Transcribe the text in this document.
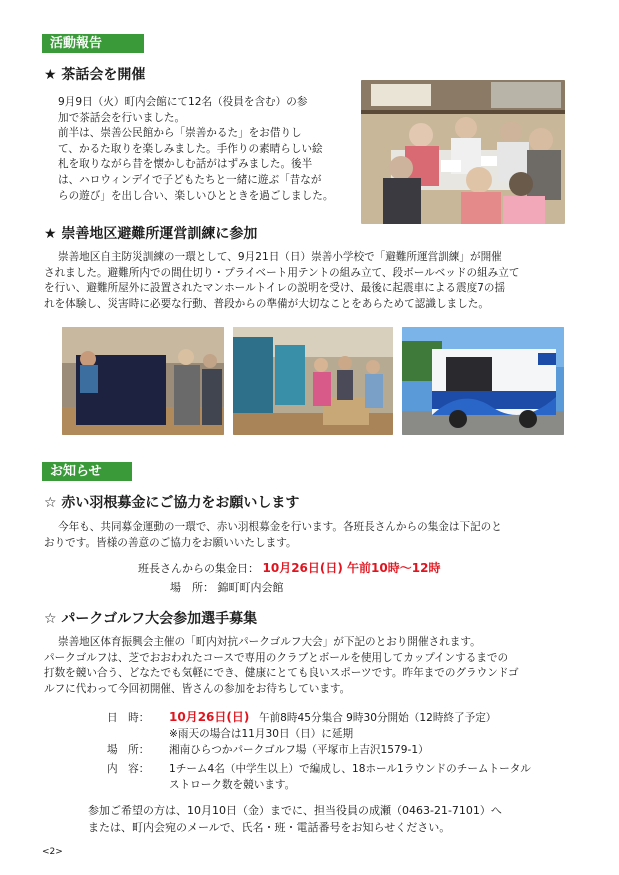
活動報告
★ 茶話会を開催
9月9日（火）町内会館にて12名（役員を含む）の参
加で茶話会を行いました。
前半は、崇善公民館から「崇善かるた」をお借りし
て、かるた取りを楽しみました。手作りの素晴らしい絵
札を取りながら昔を懐かしむ話がはずみました。後半
は、ハロウィンデイで子どもたちと一緒に遊ぶ「昔なが
らの遊び」を出し合い、楽しいひとときを過ごしました。
★ 崇善地区避難所運営訓練に参加
崇善地区自主防災訓練の一環として、9月21日（日）崇善小学校で「避難所運営訓練」が開催
されました。避難所内での間仕切り・プライベート用テントの組み立て、段ボールベッドの組み立て
を行い、避難所屋外に設置されたマンホールトイレの説明を受け、最後に起震車による震度7の揺
れを体験し、災害時に必要な行動、普段からの準備が大切なことをあらためて認識しました。
お知らせ
☆ 赤い羽根募金にご協力をお願いします
今年も、共同募金運動の一環で、赤い羽根募金を行います。各班長さんからの集金は下記のと
おりです。皆様の善意のご協力をお願いいたします。
班長さんからの集金日： 10月26日(日) 午前10時～12時
場　所： 錦町町内会館
☆ パークゴルフ大会参加選手募集
崇善地区体育振興会主催の「町内対抗パークゴルフ大会」が下記のとおり開催されます。
パークゴルフは、芝でおおわれたコースで専用のクラブとボールを使用してカップインするまでの
打数を競い合う、どなたでも気軽にでき、健康にとても良いスポーツです。昨年までのグラウンドゴ
ルフに代わって今回初開催、皆さんの参加をお待ちしています。
日　時： 10月26日(日) 午前8時45分集合 9時30分開始（12時終了予定）
※雨天の場合は11月30日（日）に延期
場　所： 湘南ひらつかパークゴルフ場（平塚市上吉沢1579-1）
内　容： 1チーム4名（中学生以上）で編成し、18ホール1ラウンドのチームトータル
ストローク数を競います。
参加ご希望の方は、10月10日（金）までに、担当役員の成瀬（0463-21-7101）へ
または、町内会宛のメールで、氏名・班・電話番号をお知らせください。
<2>
